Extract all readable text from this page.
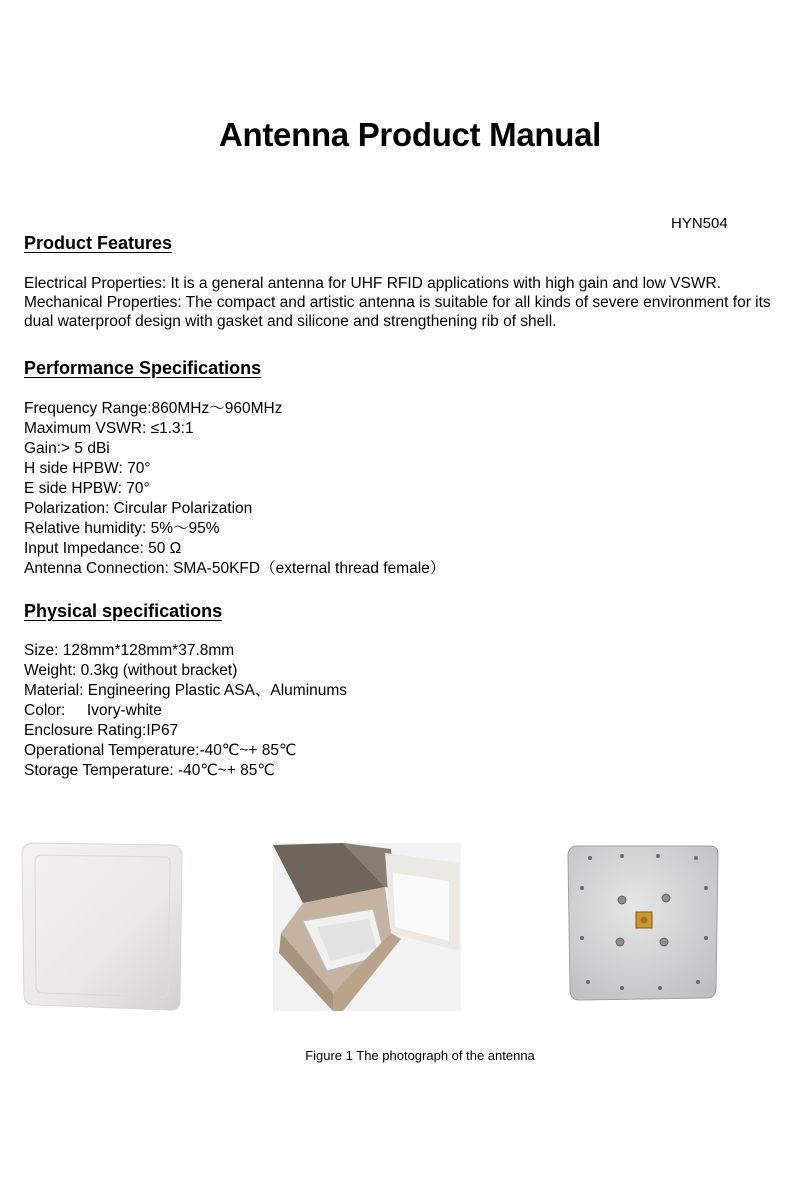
Antenna Product Manual
HYN504
Product Features
Electrical Properties: It is a general antenna for UHF RFID applications with high gain and low VSWR.
Mechanical Properties: The compact and artistic antenna is suitable for all kinds of severe environment for its dual waterproof design with gasket and silicone and strengthening rib of shell.
Performance Specifications
Frequency Range:860MHz～960MHz
Maximum VSWR: ≤1.3:1
Gain:> 5 dBi
H side HPBW: 70°
E side HPBW: 70°
Polarization: Circular Polarization
Relative humidity: 5%～95%
Input Impedance: 50 Ω
Antenna Connection: SMA-50KFD（external thread female）
Physical specifications
Size: 128mm*128mm*37.8mm
Weight: 0.3kg (without bracket)
Material: Engineering Plastic ASA、Aluminums
Color:     Ivory-white
Enclosure Rating:IP67
Operational Temperature:-40℃~+ 85℃
Storage Temperature: -40℃~+ 85℃
Figure 1 The photograph of the antenna
